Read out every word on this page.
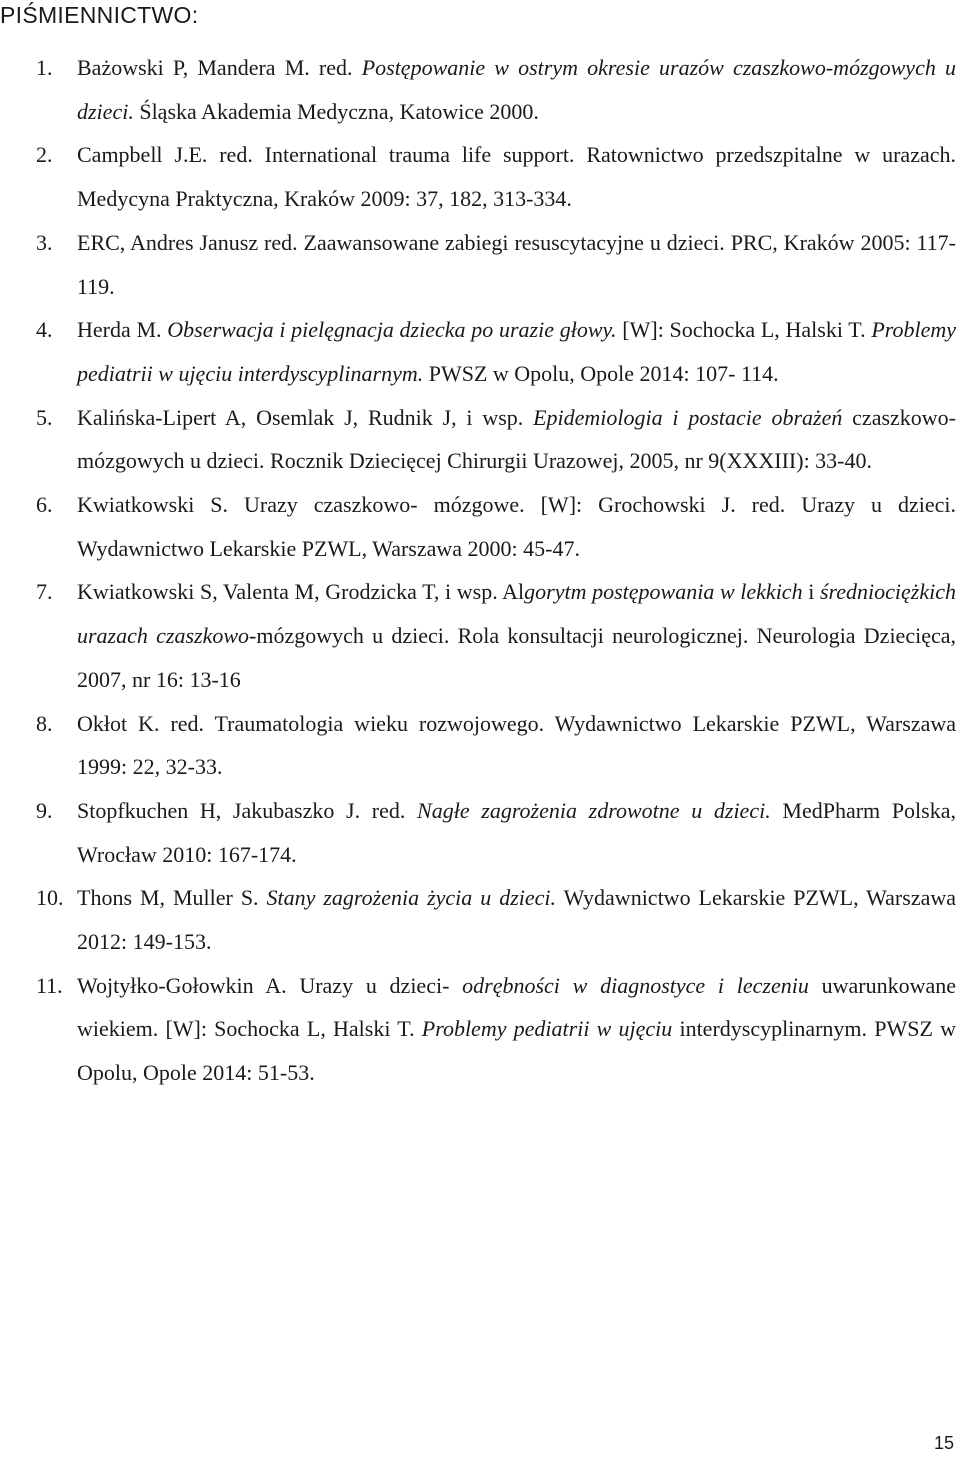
PIŚMIENNICTWO:
1. Bażowski P, Mandera M. red. Postępowanie w ostrym okresie urazów czaszkowo-mózgowych u dzieci. Śląska Akademia Medyczna, Katowice 2000.
2. Campbell J.E. red. International trauma life support. Ratownictwo przedszpitalne w urazach. Medycyna Praktyczna, Kraków 2009: 37, 182, 313-334.
3. ERC, Andres Janusz red. Zaawansowane zabiegi resuscytacyjne u dzieci. PRC, Kraków 2005: 117-119.
4. Herda M. Obserwacja i pielęgnacja dziecka po urazie głowy. [W]: Sochocka L, Halski T. Problemy pediatrii w ujęciu interdyscyplinarnym. PWSZ w Opolu, Opole 2014: 107- 114.
5. Kalińska-Lipert A, Osemlak J, Rudnik J, i wsp. Epidemiologia i postacie obrażeń czaszkowo- mózgowych u dzieci. Rocznik Dziecięcej Chirurgii Urazowej, 2005, nr 9(XXXIII): 33-40.
6. Kwiatkowski S. Urazy czaszkowo- mózgowe. [W]: Grochowski J. red. Urazy u dzieci. Wydawnictwo Lekarskie PZWL, Warszawa 2000: 45-47.
7. Kwiatkowski S, Valenta M, Grodzicka T, i wsp. Algorytm postępowania w lekkich i średniociężkich urazach czaszkowo-mózgowych u dzieci. Rola konsultacji neurologicznej. Neurologia Dziecięca, 2007, nr 16: 13-16
8. Okłot K. red. Traumatologia wieku rozwojowego. Wydawnictwo Lekarskie PZWL, Warszawa 1999: 22, 32-33.
9. Stopfkuchen H, Jakubaszko J. red. Nagłe zagrożenia zdrowotne u dzieci. MedPharm Polska, Wrocław 2010: 167-174.
10. Thons M, Muller S. Stany zagrożenia życia u dzieci. Wydawnictwo Lekarskie PZWL, Warszawa 2012: 149-153.
11. Wojtyłko-Gołowkin A. Urazy u dzieci- odrębności w diagnostyce i leczeniu uwarunkowane wiekiem. [W]: Sochocka L, Halski T. Problemy pediatrii w ujęciu interdyscyplinarnym. PWSZ w Opolu, Opole 2014: 51-53.
15
